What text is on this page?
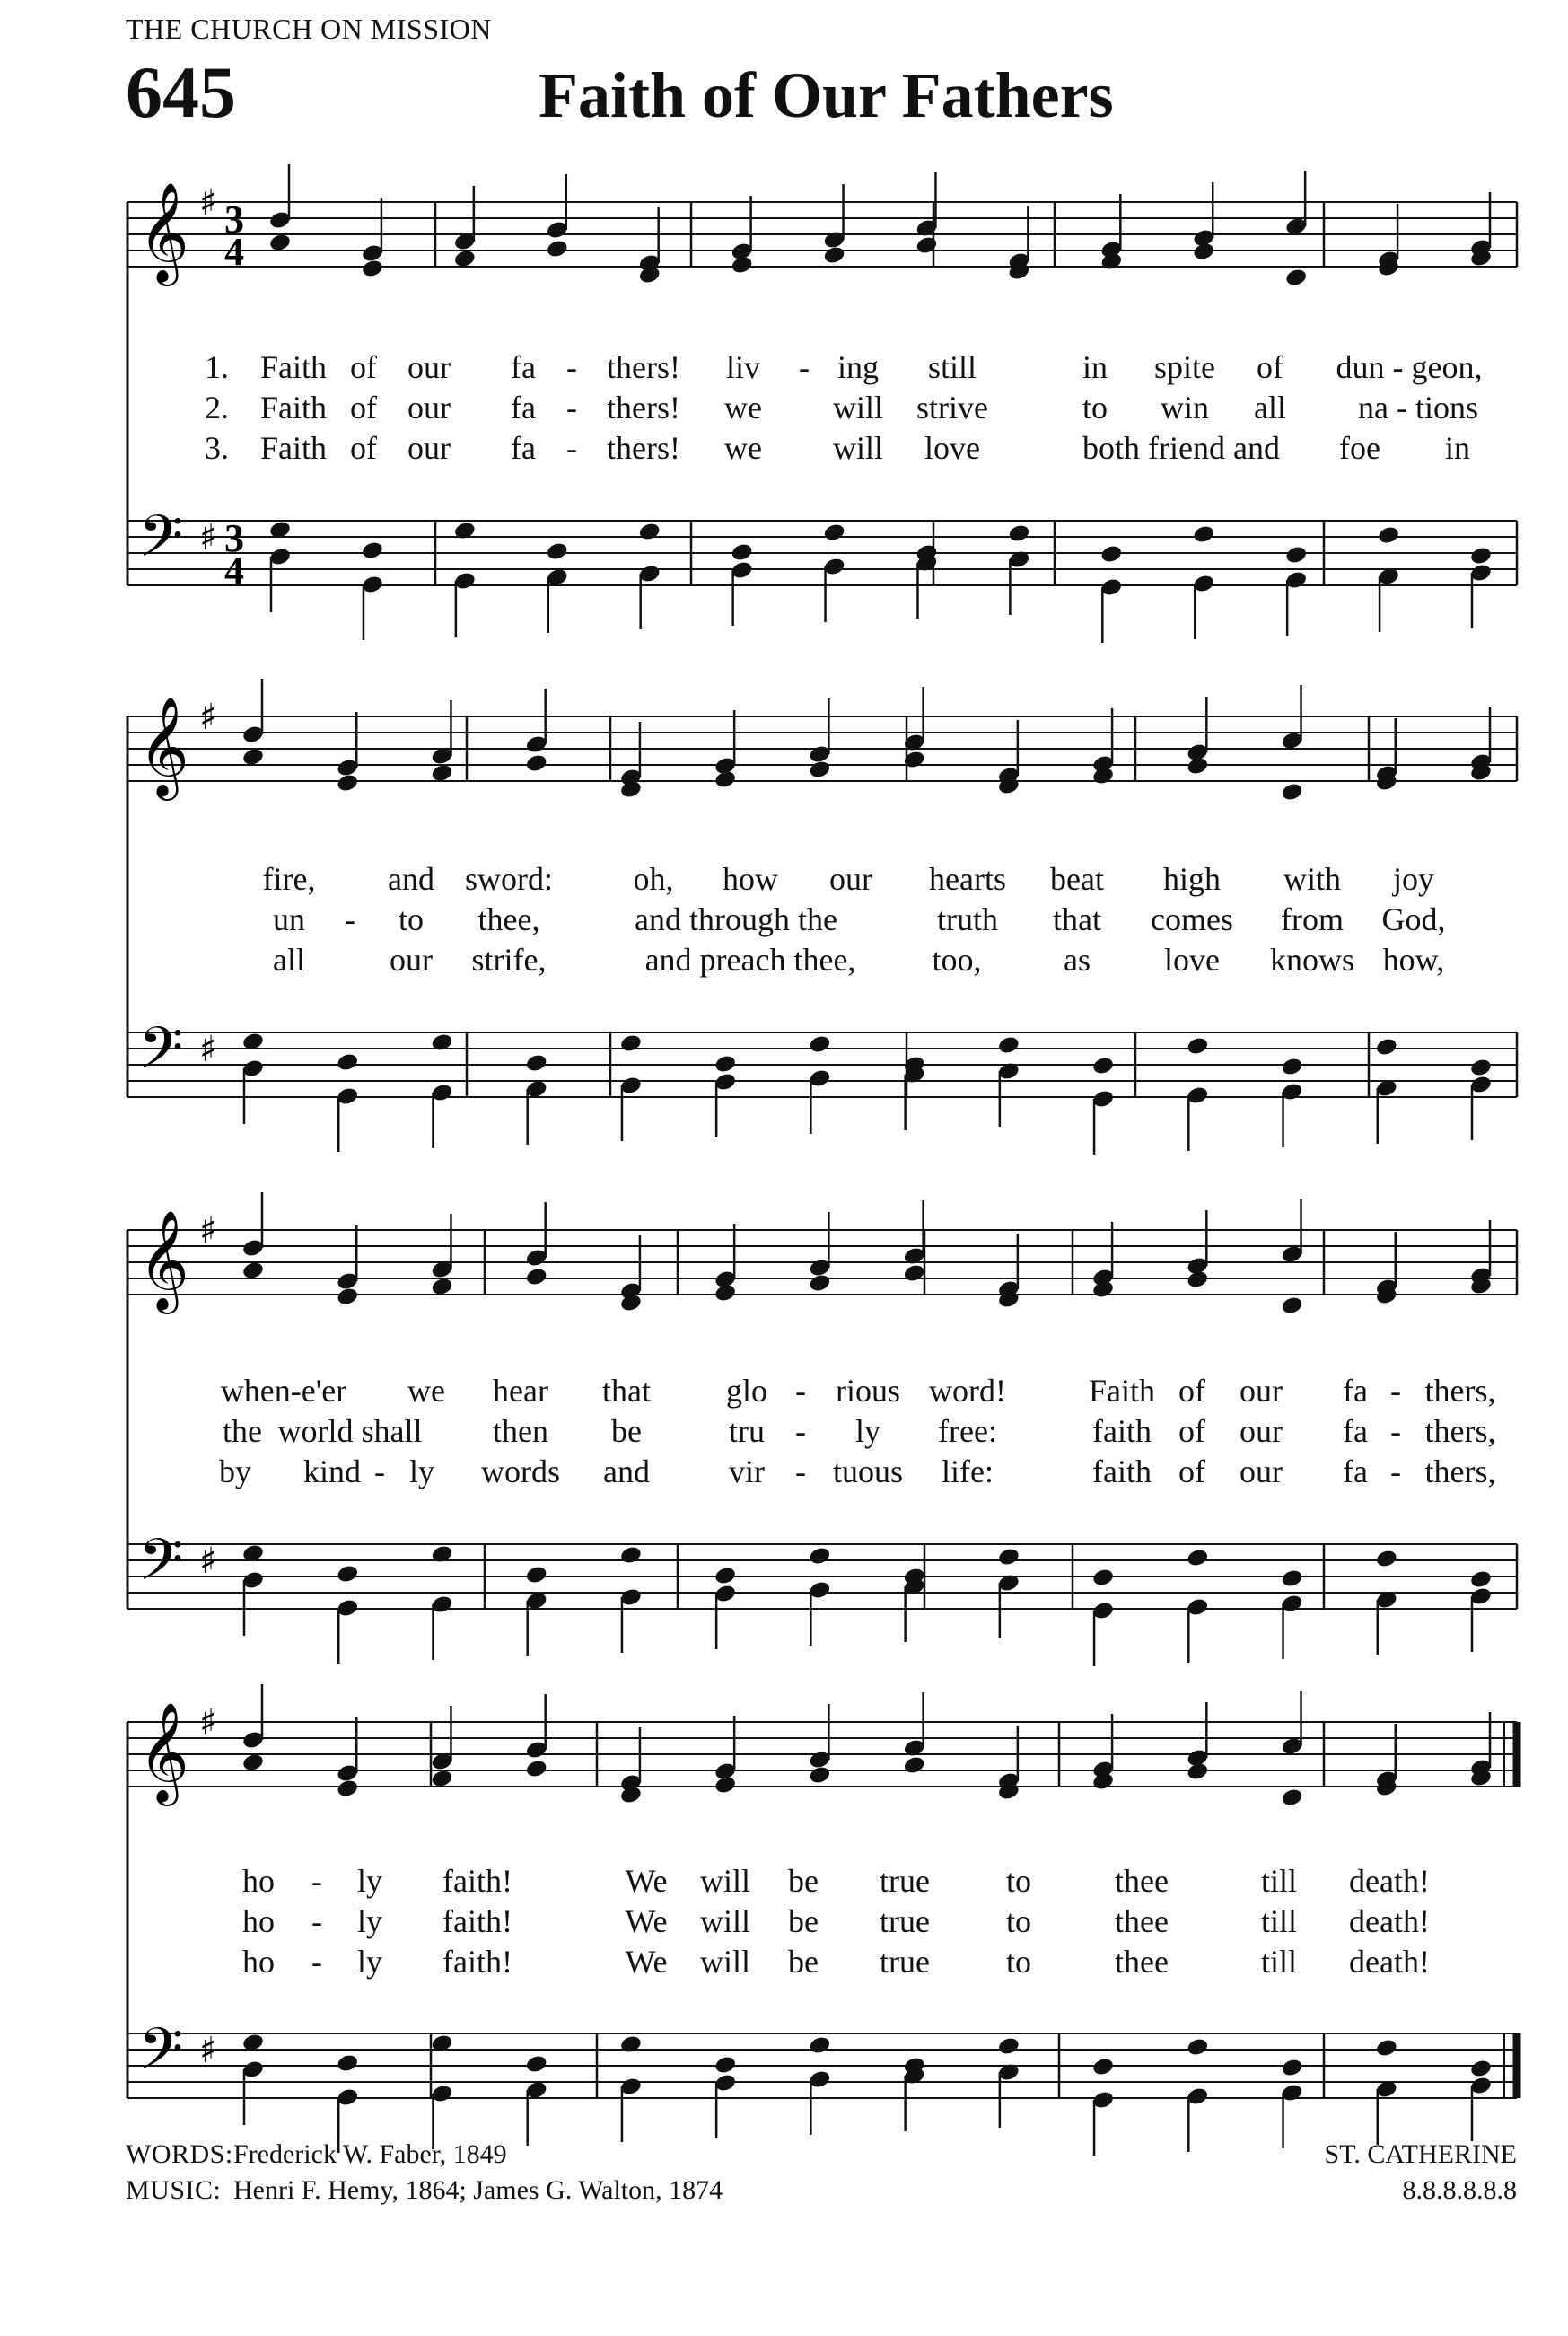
THE CHURCH ON MISSION
645	Faith of Our Fathers
𝄞
𝄢
♯
♯
3
4
3
4
𝄞
𝄢
♯
♯
𝄞
𝄢
♯
♯
𝄞
𝄢
♯
♯
1. Faith of our fa - thers! liv - ing still	in spite of dun - geon,
2. Faith of our fa - thers! we will strive	to win all na - tions
3. Faith of our fa - thers! we will love	both friend and foe in
fire, and sword: oh, how our hearts beat high with joy
un - to thee,	and through the	truth that comes from God,
all	our strife,	and preach thee, too,	as love knows how,
when-e'er we hear that glo - rious word!	Faith of our fa - thers,
the world shall then be	tru - ly free:	faith of our fa - thers,
by kind - ly words and vir - tuous life:	faith of our fa - thers,
ho - ly faith!	We will be true to	thee	till death!
ho - ly faith!	We will be true to	thee	till death!
ho - ly faith!	We will be true to	thee	till death!
WORDS: Frederick W. Faber, 1849
MUSIC: Henri F. Hemy, 1864; James G. Walton, 1874
ST. CATHERINE
8.8.8.8.8.8
